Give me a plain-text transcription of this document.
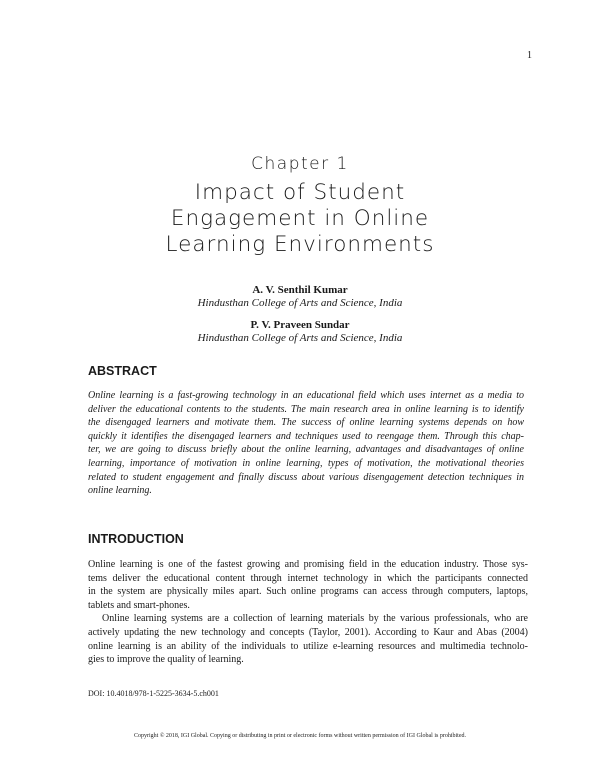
1
Chapter 1
Impact of Student
Engagement in Online
Learning Environments
A. V. Senthil Kumar
Hindusthan College of Arts and Science, India
P. V. Praveen Sundar
Hindusthan College of Arts and Science, India
ABSTRACT
Online learning is a fast-growing technology in an educational field which uses internet as a media to
deliver the educational contents to the students. The main research area in online learning is to identify
the disengaged learners and motivate them. The success of online learning systems depends on how
quickly it identifies the disengaged learners and techniques used to reengage them. Through this chap-
ter, we are going to discuss briefly about the online learning, advantages and disadvantages of online
learning, importance of motivation in online learning, types of motivation, the motivational theories
related to student engagement and finally discuss about various disengagement detection techniques in
online learning.
INTRODUCTION
Online learning is one of the fastest growing and promising field in the education industry. Those sys-
tems deliver the educational content through internet technology in which the participants connected
in the system are physically miles apart. Such online programs can access through computers, laptops,
tablets and smart-phones.
Online learning systems are a collection of learning materials by the various professionals, who are
actively updating the new technology and concepts (Taylor, 2001). According to Kaur and Abas (2004)
online learning is an ability of the individuals to utilize e-learning resources and multimedia technolo-
gies to improve the quality of learning.
DOI: 10.4018/978-1-5225-3634-5.ch001
Copyright © 2018, IGI Global. Copying or distributing in print or electronic forms without written permission of IGI Global is prohibited.
